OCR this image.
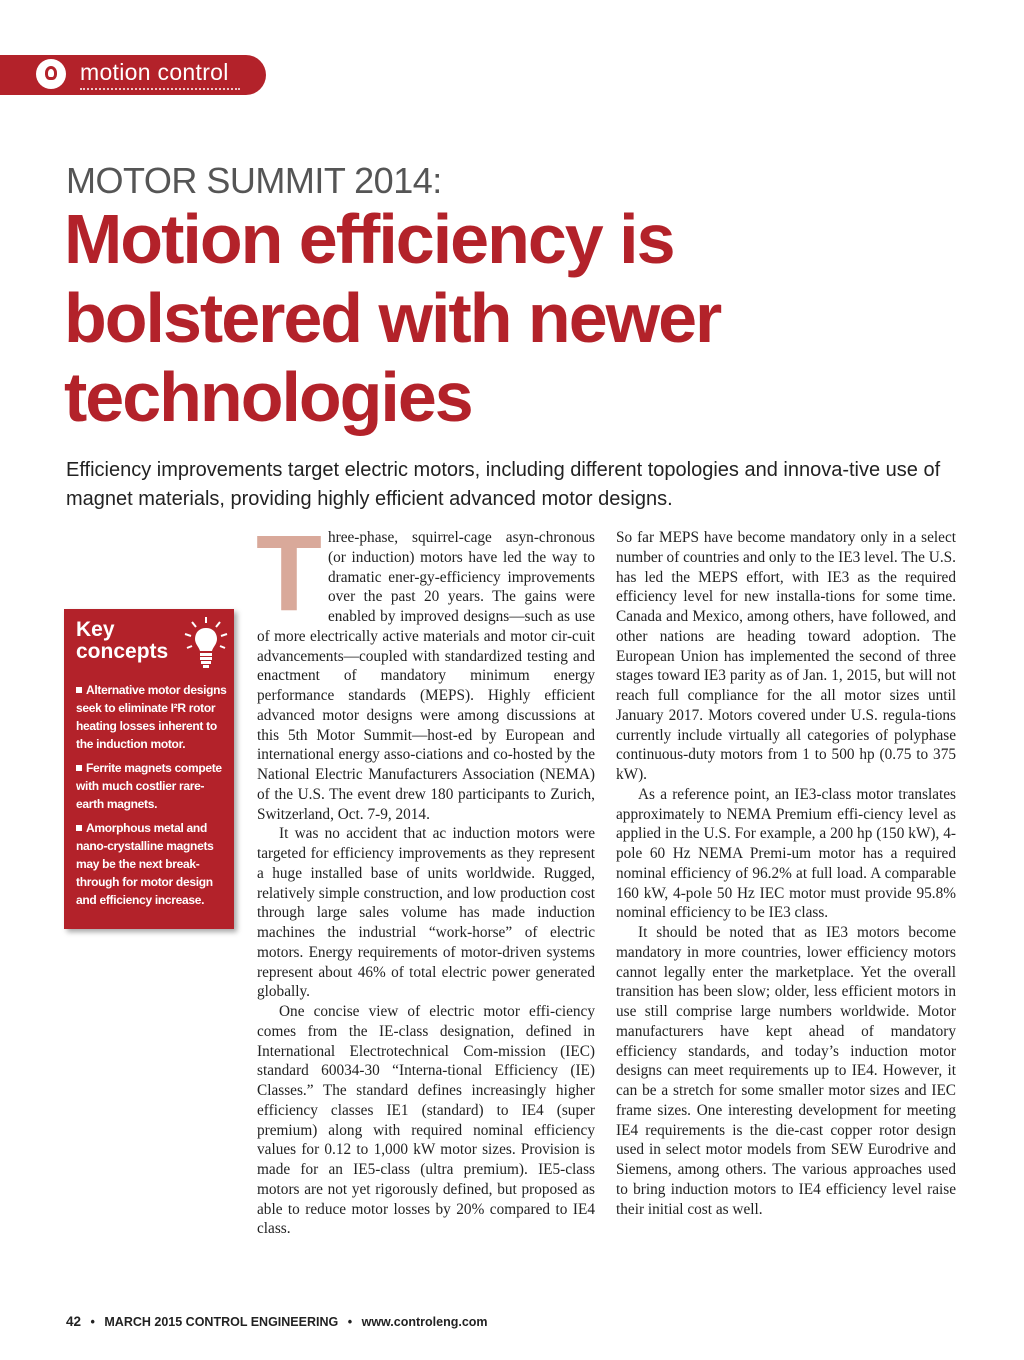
motion control
MOTOR SUMMIT 2014:
Motion efficiency is bolstered with newer technologies

Efficiency improvements target electric motors, including different topologies and innova-tive use of magnet materials, providing highly efficient advanced motor designs.

Key concepts
Alternative motor designs seek to eliminate I²R rotor heating losses inherent to the induction motor.
Ferrite magnets compete with much costlier rare-earth magnets.
Amorphous metal and nano-crystalline magnets may be the next break-through for motor design and efficiency increase.

Three-phase, squirrel-cage asyn-chronous (or induction) motors have led the way to dramatic ener-gy-efficiency improvements over the past 20 years. The gains were enabled by improved designs—such as use of more electrically active materials and motor cir-cuit advancements—coupled with standardized testing and enactment of mandatory minimum energy performance standards (MEPS). Highly efficient advanced motor designs were among discussions at this 5th Motor Summit—host-ed by European and international energy asso-ciations and co-hosted by the National Electric Manufacturers Association (NEMA) of the U.S. The event drew 180 participants to Zurich, Switzerland, Oct. 7-9, 2014.

It was no accident that ac induction motors were targeted for efficiency improvements as they represent a huge installed base of units worldwide. Rugged, relatively simple construction, and low production cost through large sales volume has made induction machines the industrial “work-horse” of electric motors. Energy requirements of motor-driven systems represent about 46% of total electric power generated globally.

One concise view of electric motor effi-ciency comes from the IE-class designation, defined in International Electrotechnical Com-mission (IEC) standard 60034-30 “Interna-tional Efficiency (IE) Classes.” The standard defines increasingly higher efficiency classes IE1 (standard) to IE4 (super premium) along with required nominal efficiency values for 0.12 to 1,000 kW motor sizes. Provision is made for an IE5-class (ultra premium). IE5-class motors are not yet rigorously defined, but proposed as able to reduce motor losses by 20% compared to IE4 class.

So far MEPS have become mandatory only in a select number of countries and only to the IE3 level. The U.S. has led the MEPS effort, with IE3 as the required efficiency level for new installa-tions for some time. Canada and Mexico, among others, have followed, and other nations are heading toward adoption. The European Union has implemented the second of three stages toward IE3 parity as of Jan. 1, 2015, but will not reach full compliance for the all motor sizes until January 2017. Motors covered under U.S. regula-tions currently include virtually all categories of polyphase continuous-duty motors from 1 to 500 hp (0.75 to 375 kW).

As a reference point, an IE3-class motor translates approximately to NEMA Premium effi-ciency level as applied in the U.S. For example, a 200 hp (150 kW), 4-pole 60 Hz NEMA Premi-um motor has a required nominal efficiency of 96.2% at full load. A comparable 160 kW, 4-pole 50 Hz IEC motor must provide 95.8% nominal efficiency to be IE3 class.

It should be noted that as IE3 motors become mandatory in more countries, lower efficiency motors cannot legally enter the marketplace. Yet the overall transition has been slow; older, less efficient motors in use still comprise large numbers worldwide. Motor manufacturers have kept ahead of mandatory efficiency standards, and today’s induction motor designs can meet requirements up to IE4. However, it can be a stretch for some smaller motor sizes and IEC frame sizes. One interesting development for meeting IE4 requirements is the die-cast copper rotor design used in select motor models from SEW Eurodrive and Siemens, among others. The various approaches used to bring induction motors to IE4 efficiency level raise their initial cost as well.

42 • MARCH 2015 CONTROL ENGINEERING • www.controleng.com
